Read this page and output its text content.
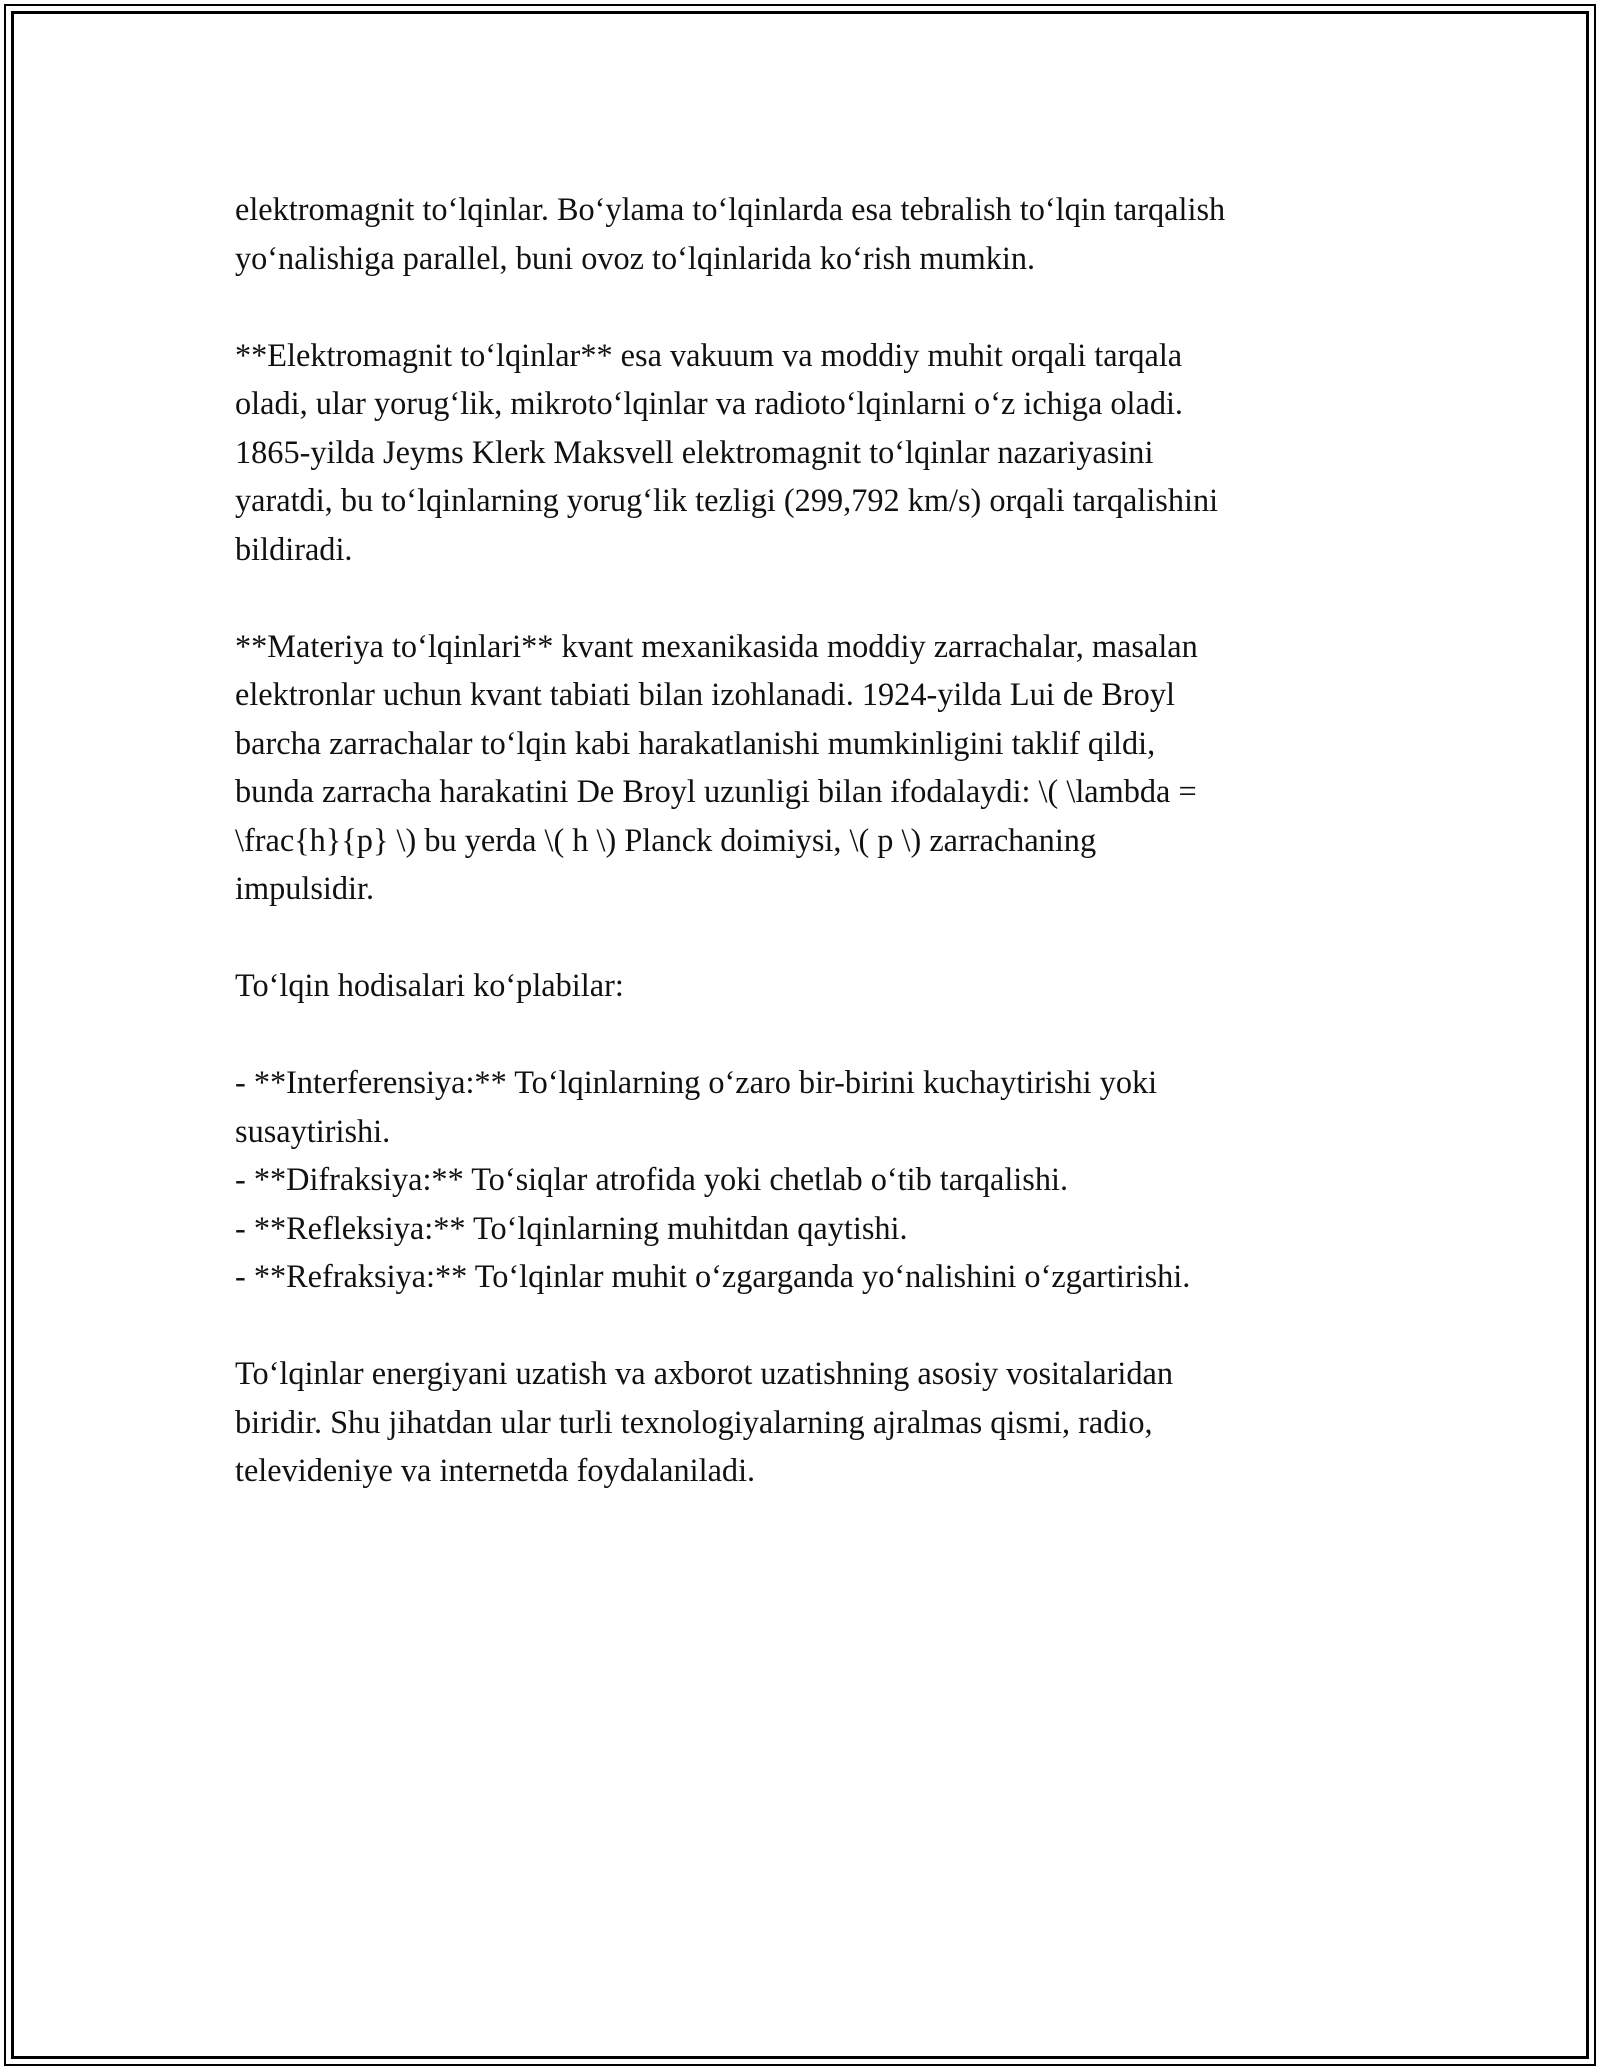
elektromagnit to‘lqinlar. Bo‘ylama to‘lqinlarda esa tebralish to‘lqin tarqalish
yo‘nalishiga parallel, buni ovoz to‘lqinlarida ko‘rish mumkin.

**Elektromagnit to‘lqinlar** esa vakuum va moddiy muhit orqali tarqala
oladi, ular yorug‘lik, mikroto‘lqinlar va radioto‘lqinlarni o‘z ichiga oladi.
1865-yilda Jeyms Klerk Maksvell elektromagnit to‘lqinlar nazariyasini
yaratdi, bu to‘lqinlarning yorug‘lik tezligi (299,792 km/s) orqali tarqalishini
bildiradi.

**Materiya to‘lqinlari** kvant mexanikasida moddiy zarrachalar, masalan
elektronlar uchun kvant tabiati bilan izohlanadi. 1924-yilda Lui de Broyl
barcha zarrachalar to‘lqin kabi harakatlanishi mumkinligini taklif qildi,
bunda zarracha harakatini De Broyl uzunligi bilan ifodalaydi: \( \lambda =
\frac{h}{p} \) bu yerda \( h \) Planck doimiysi, \( p \) zarrachaning
impulsidir.

To‘lqin hodisalari ko‘plabilar:

- **Interferensiya:** To‘lqinlarning o‘zaro bir-birini kuchaytirishi yoki
susaytirishi.
- **Difraksiya:** To‘siqlar atrofida yoki chetlab o‘tib tarqalishi.
- **Refleksiya:** To‘lqinlarning muhitdan qaytishi.
- **Refraksiya:** To‘lqinlar muhit o‘zgarganda yo‘nalishini o‘zgartirishi.

To‘lqinlar energiyani uzatish va axborot uzatishning asosiy vositalaridan
biridir. Shu jihatdan ular turli texnologiyalarning ajralmas qismi, radio,
televideniye va internetda foydalaniladi.
